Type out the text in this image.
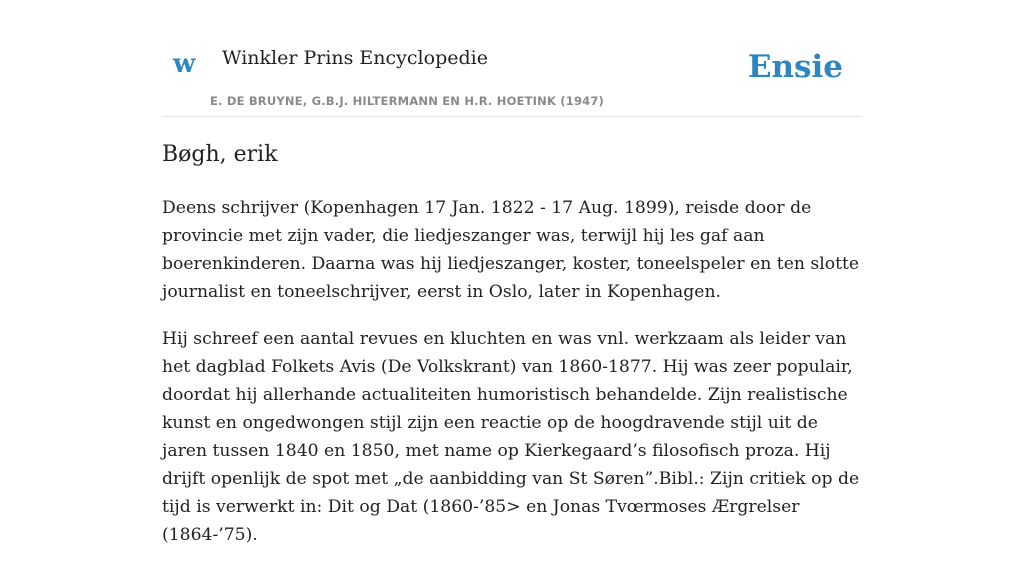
w Winkler Prins Encyclopedie
E. DE BRUYNE, G.B.J. HILTERMANN EN H.R. HOETINK (1947)
Ensie
Bøgh, erik

Deens schrijver (Kopenhagen 17 Jan. 1822 - 17 Aug. 1899), reisde door de provincie met zijn vader, die liedjeszanger was, terwijl hij les gaf aan boerenkinderen. Daarna was hij liedjeszanger, koster, toneelspeler en ten slotte journalist en toneelschrijver, eerst in Oslo, later in Kopenhagen.

Hij schreef een aantal revues en kluchten en was vnl. werkzaam als leider van het dagblad Folkets Avis (De Volkskrant) van 1860-1877. Hij was zeer populair, doordat hij allerhande actualiteiten humoristisch behandelde. Zijn realistische kunst en ongedwongen stijl zijn een reactie op de hoogdravende stijl uit de jaren tussen 1840 en 1850, met name op Kierkegaard’s filosofisch proza. Hij drijft openlijk de spot met „de aanbidding van St Søren”.Bibl.: Zijn critiek op de tijd is verwerkt in: Dit og Dat (1860-’85> en Jonas Tvœrmoses Ærgrelser (1864-’75).
